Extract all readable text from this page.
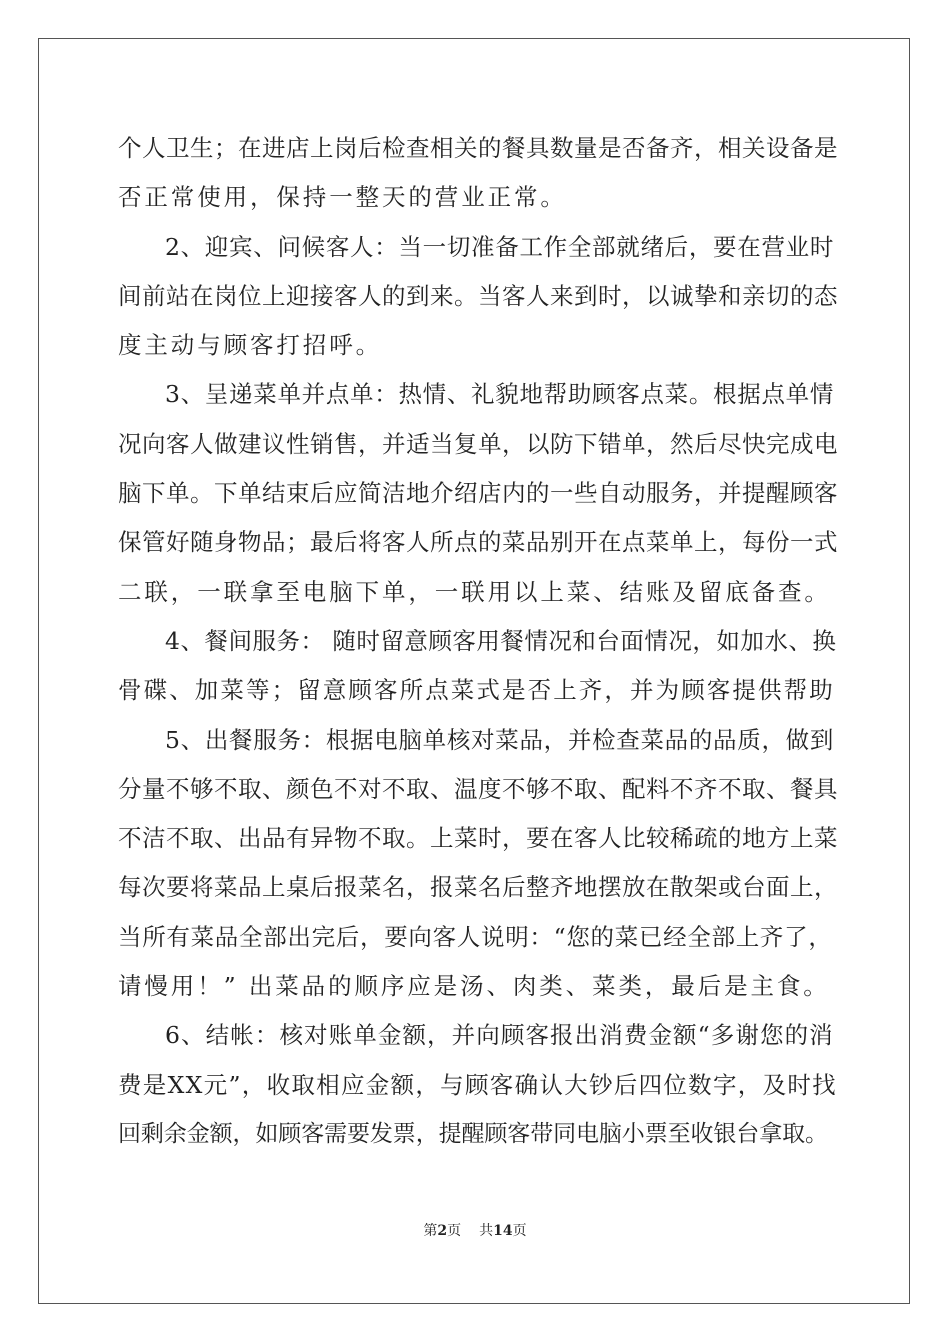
个人卫生；在进店上岗后检查相关的餐具数量是否备齐，相关设备是
否正常使用，保持一整天的营业正常。
2、迎宾、问候客人：当一切准备工作全部就绪后，要在营业时
间前站在岗位上迎接客人的到来。当客人来到时，以诚挚和亲切的态
度主动与顾客打招呼。
3、呈递菜单并点单：热情、礼貌地帮助顾客点菜。根据点单情
况向客人做建议性销售，并适当复单，以防下错单，然后尽快完成电
脑下单。下单结束后应简洁地介绍店内的一些自动服务，并提醒顾客
保管好随身物品；最后将客人所点的菜品别开在点菜单上，每份一式
二联，一联拿至电脑下单，一联用以上菜、结账及留底备查。
4、餐间服务： 随时留意顾客用餐情况和台面情况，如加水、换
骨碟、加菜等；留意顾客所点菜式是否上齐，并为顾客提供帮助
5、出餐服务：根据电脑单核对菜品，并检查菜品的品质，做到
分量不够不取、颜色不对不取、温度不够不取、配料不齐不取、餐具
不洁不取、出品有异物不取。上菜时，要在客人比较稀疏的地方上菜
每次要将菜品上桌后报菜名，报菜名后整齐地摆放在散架或台面上，
当所有菜品全部出完后，要向客人说明：“您的菜已经全部上齐了，
请慢用！” 出菜品的顺序应是汤、肉类、菜类，最后是主食。
6、结帐：核对账单金额，并向顾客报出消费金额“多谢您的消
费是XX元”，收取相应金额，与顾客确认大钞后四位数字，及时找
回剩余金额，如顾客需要发票，提醒顾客带同电脑小票至收银台拿取。
第2页 共14页
